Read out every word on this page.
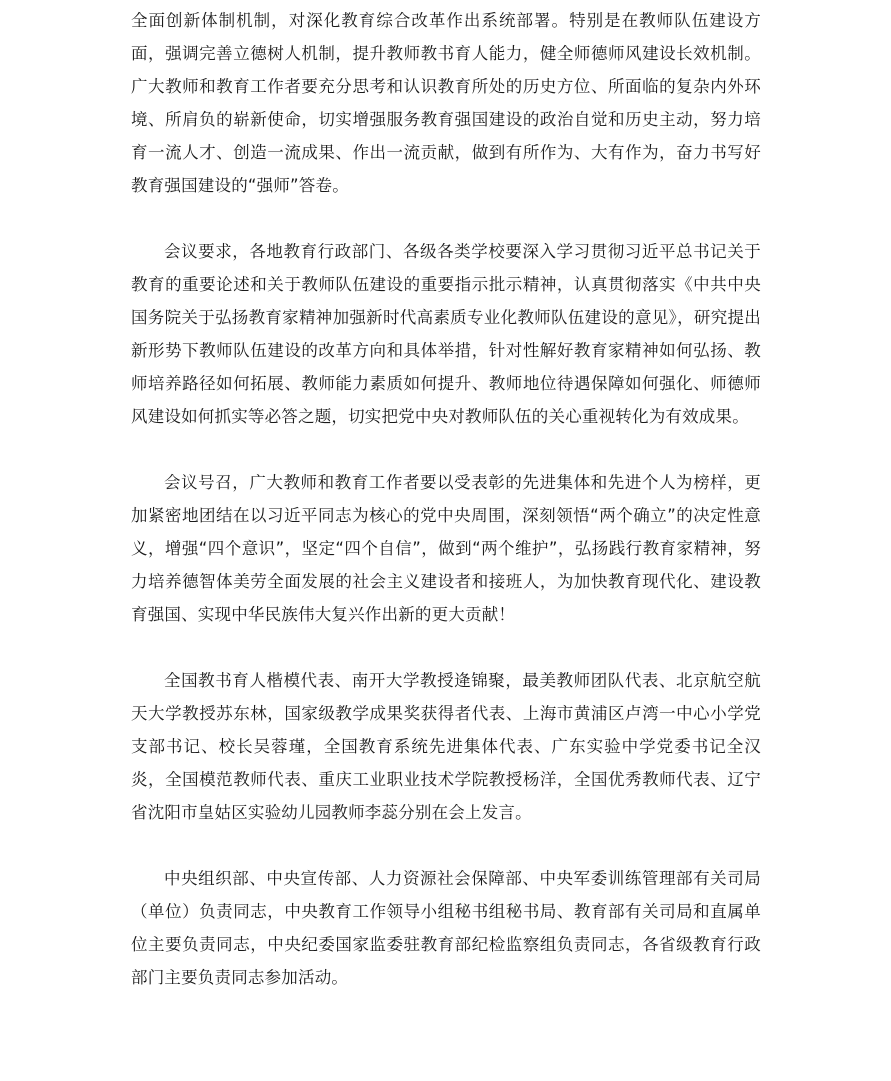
全面创新体制机制，对深化教育综合改革作出系统部署。特别是在教师队伍建设方面，强调完善立德树人机制，提升教师教书育人能力，健全师德师风建设长效机制。广大教师和教育工作者要充分思考和认识教育所处的历史方位、所面临的复杂内外环境、所肩负的崭新使命，切实增强服务教育强国建设的政治自觉和历史主动，努力培育一流人才、创造一流成果、作出一流贡献，做到有所作为、大有作为，奋力书写好教育强国建设的“强师”答卷。

会议要求，各地教育行政部门、各级各类学校要深入学习贯彻习近平总书记关于教育的重要论述和关于教师队伍建设的重要指示批示精神，认真贯彻落实《中共中央 国务院关于弘扬教育家精神加强新时代高素质专业化教师队伍建设的意见》，研究提出新形势下教师队伍建设的改革方向和具体举措，针对性解好教育家精神如何弘扬、教师培养路径如何拓展、教师能力素质如何提升、教师地位待遇保障如何强化、师德师风建设如何抓实等必答之题，切实把党中央对教师队伍的关心重视转化为有效成果。

会议号召，广大教师和教育工作者要以受表彰的先进集体和先进个人为榜样，更加紧密地团结在以习近平同志为核心的党中央周围，深刻领悟“两个确立”的决定性意义，增强“四个意识”，坚定“四个自信”，做到“两个维护”，弘扬践行教育家精神，努力培养德智体美劳全面发展的社会主义建设者和接班人，为加快教育现代化、建设教育强国、实现中华民族伟大复兴作出新的更大贡献！

全国教书育人楷模代表、南开大学教授逄锦聚，最美教师团队代表、北京航空航天大学教授苏东林，国家级教学成果奖获得者代表、上海市黄浦区卢湾一中心小学党支部书记、校长吴蓉瑾，全国教育系统先进集体代表、广东实验中学党委书记全汉炎，全国模范教师代表、重庆工业职业技术学院教授杨洋，全国优秀教师代表、辽宁省沈阳市皇姑区实验幼儿园教师李蕊分别在会上发言。

中央组织部、中央宣传部、人力资源社会保障部、中央军委训练管理部有关司局（单位）负责同志，中央教育工作领导小组秘书组秘书局、教育部有关司局和直属单位主要负责同志，中央纪委国家监委驻教育部纪检监察组负责同志，各省级教育行政部门主要负责同志参加活动。
